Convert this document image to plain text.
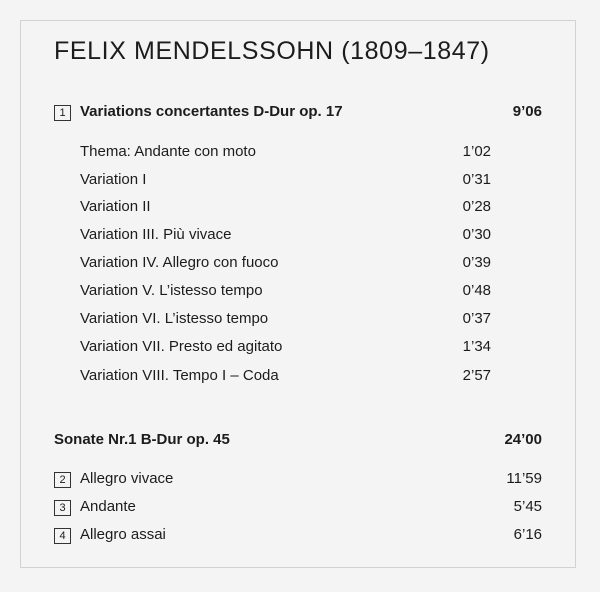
FELIX MENDELSSOHN (1809–1847)
1 Variations concertantes D-Dur op. 17	9’06
Thema: Andante con moto	1’02
Variation I	0’31
Variation II	0’28
Variation III. Più vivace	0’30
Variation IV. Allegro con fuoco	0’39
Variation V. L’istesso tempo	0’48
Variation VI. L’istesso tempo	0’37
Variation VII. Presto ed agitato	1’34
Variation VIII. Tempo I – Coda	2’57
Sonate Nr.1 B-Dur op. 45	24’00
2 Allegro vivace	11’59
3 Andante	5’45
4 Allegro assai	6’16
